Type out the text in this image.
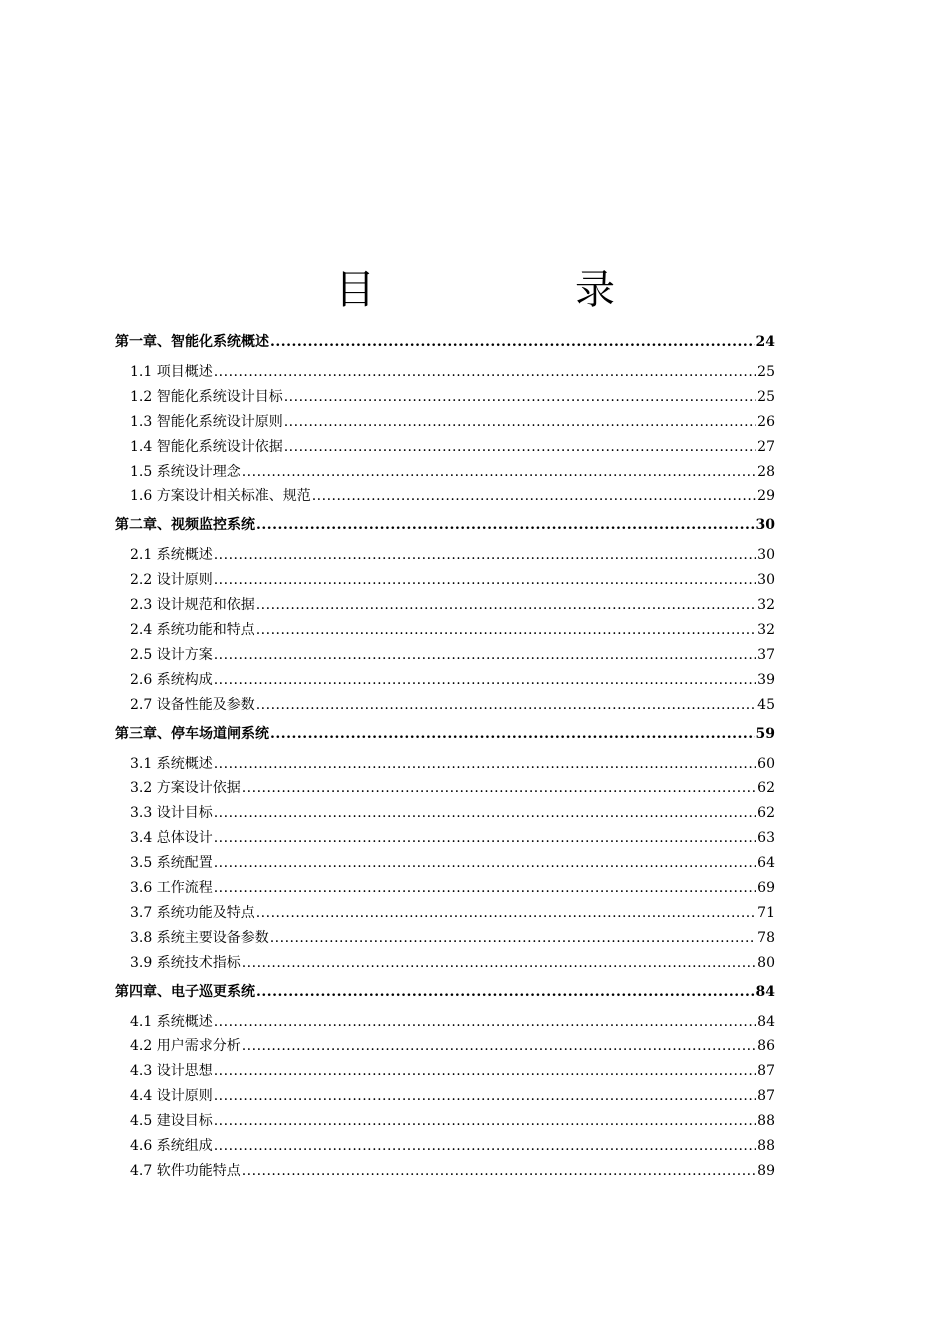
目　录
第一章、智能化系统概述 .....	24
1.1 项目概述 .....	25
1.2 智能化系统设计目标 .....	25
1.3 智能化系统设计原则 .....	26
1.4 智能化系统设计依据 .....	27
1.5 系统设计理念 .....	28
1.6 方案设计相关标准、规范 .....	29
第二章、视频监控系统 .....	30
2.1 系统概述 .....	30
2.2 设计原则 .....	30
2.3 设计规范和依据 .....	32
2.4 系统功能和特点 .....	32
2.5 设计方案 .....	37
2.6 系统构成 .....	39
2.7 设备性能及参数 .....	45
第三章、停车场道闸系统 .....	59
3.1 系统概述 .....	60
3.2 方案设计依据 .....	62
3.3 设计目标 .....	62
3.4 总体设计 .....	63
3.5 系统配置 .....	64
3.6 工作流程 .....	69
3.7 系统功能及特点 .....	71
3.8 系统主要设备参数 .....	78
3.9 系统技术指标 .....	80
第四章、电子巡更系统 .....	84
4.1 系统概述 .....	84
4.2 用户需求分析 .....	86
4.3 设计思想 .....	87
4.4 设计原则 .....	87
4.5 建设目标 .....	88
4.6 系统组成 .....	88
4.7 软件功能特点 .....	89
